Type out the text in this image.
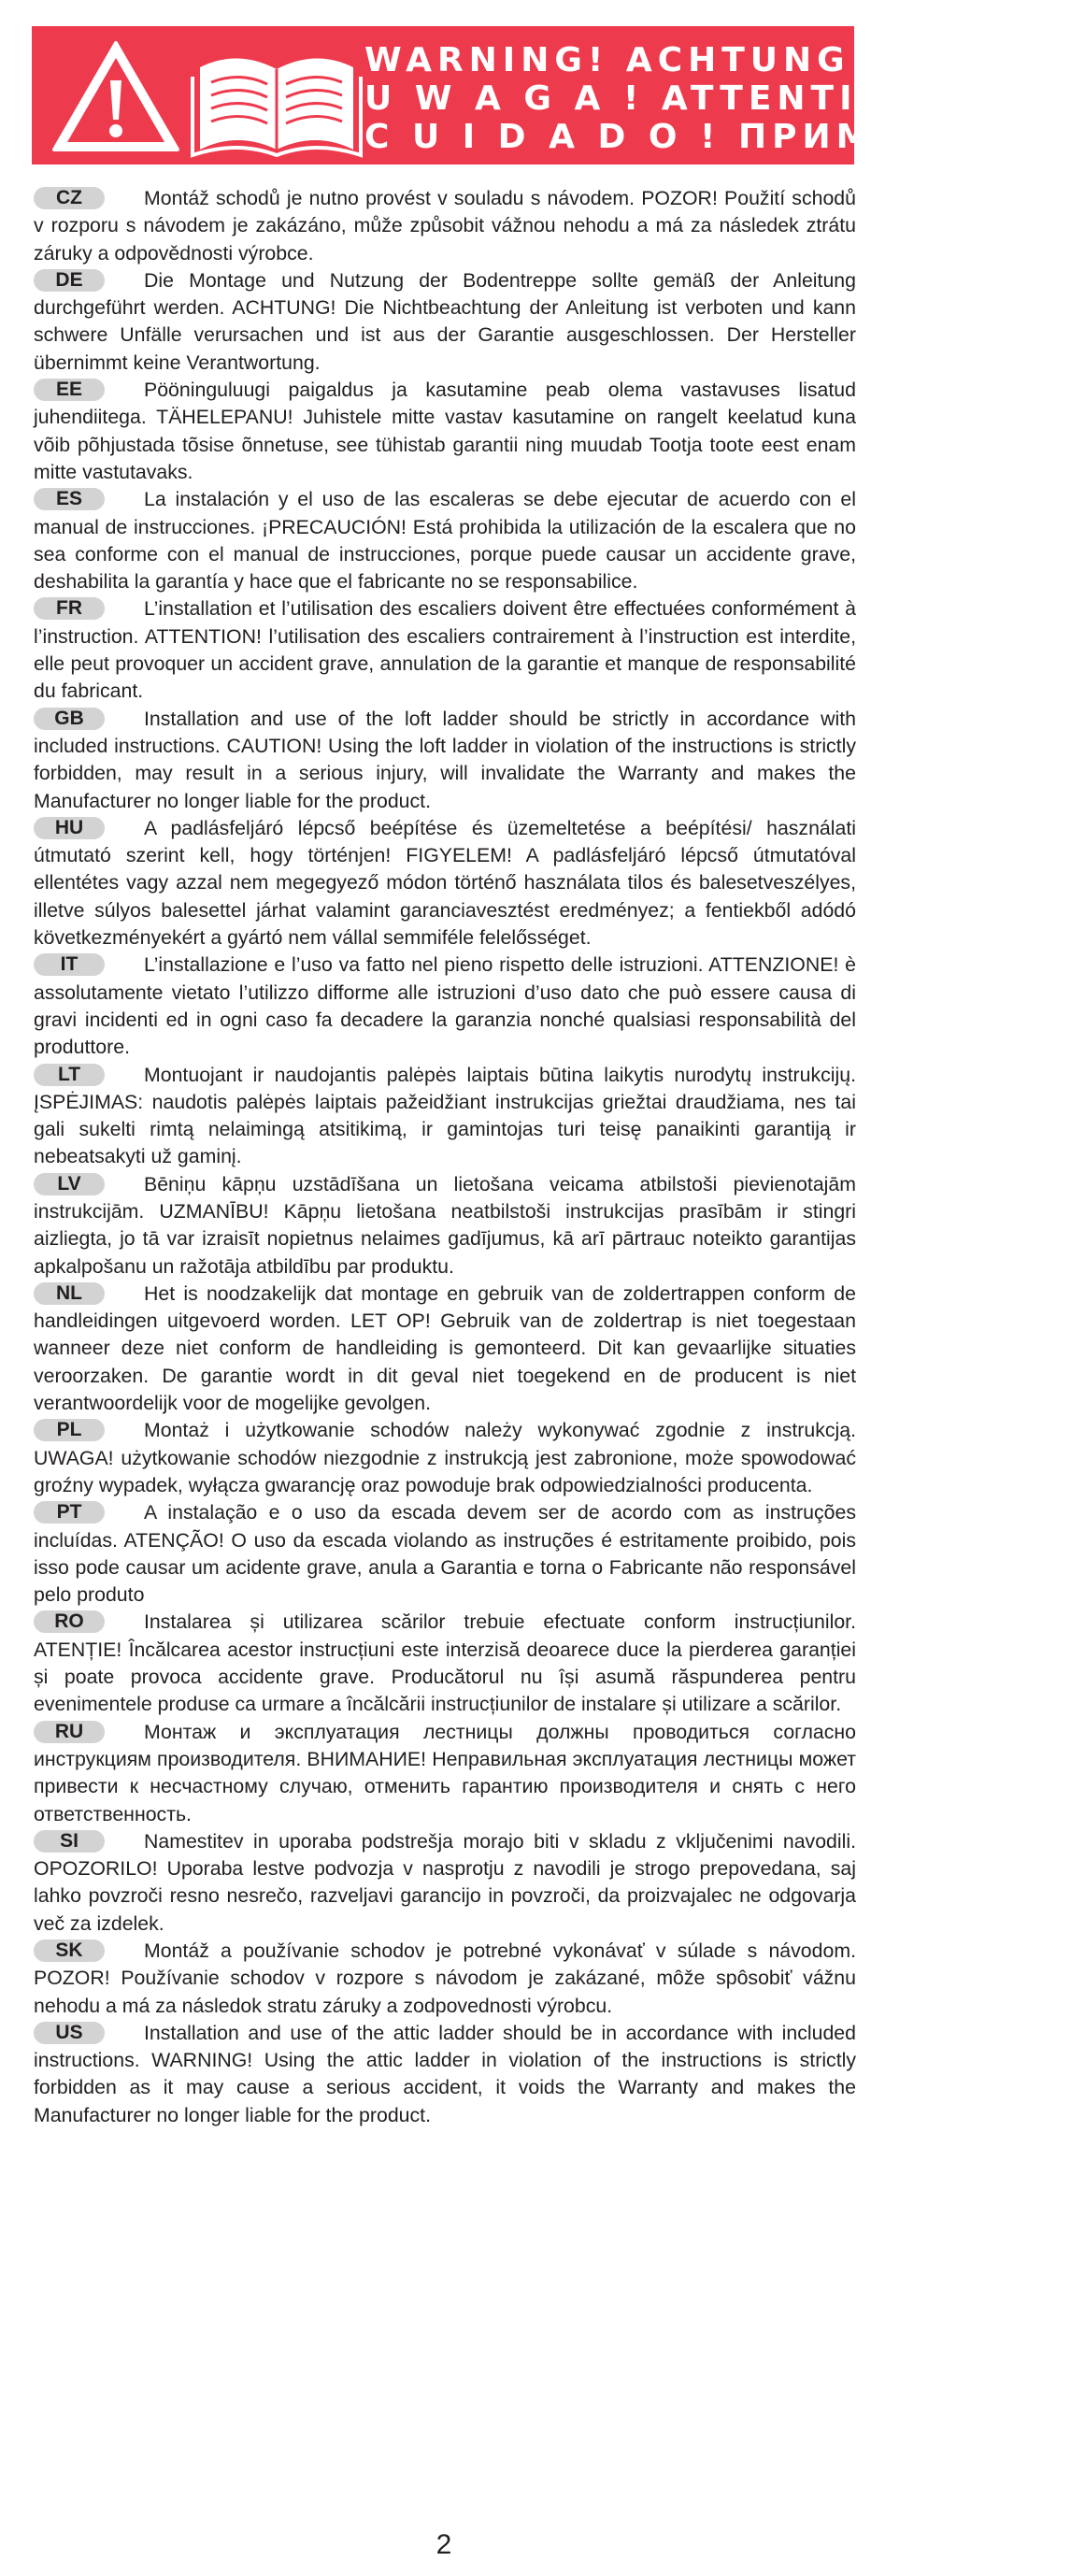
WARNING! ACHTUNG!
U W A G A ! ATTENTION!
C U I D A D O ! ПРИМЕЧАНИЕ!

CZ	Montáž schodů je nutno provést v souladu s návodem. POZOR! Použití schodů v rozporu s návodem je zakázáno, může způsobit vážnou nehodu a má za následek ztrátu záruky a odpovědnosti výrobce.

DE	Die Montage und Nutzung der Bodentreppe sollte gemäß der Anleitung durchgeführt werden. ACHTUNG! Die Nichtbeachtung der Anleitung ist verboten und kann schwere Unfälle verursachen und ist aus der Garantie ausgeschlossen. Der Hersteller übernimmt keine Verantwortung.

EE	Pööninguluugi paigaldus ja kasutamine peab olema vastavuses lisatud juhendiitega. TÄHELEPANU! Juhistele mitte vastav kasutamine on rangelt keelatud kuna võib põhjustada tõsise õnnetuse, see tühistab garantii ning muudab Tootja toote eest enam mitte vastutavaks.

ES	La instalación y el uso de las escaleras se debe ejecutar de acuerdo con el manual de instrucciones. ¡PRECAUCIÓN! Está prohibida la utilización de la escalera que no sea conforme con el manual de instrucciones, porque puede causar un accidente grave, deshabilita la garantía y hace que el fabricante no se responsabilice.

FR	L’installation et l’utilisation des escaliers doivent être effectuées conformément à l’instruction. ATTENTION! l’utilisation des escaliers contrairement à l’instruction est interdite, elle peut provoquer un accident grave, annulation de la garantie et manque de responsabilité du fabricant.

GB	Installation and use of the loft ladder should be strictly in accordance with included instructions. CAUTION! Using the loft ladder in violation of the instructions is strictly forbidden, may result in a serious injury, will invalidate the Warranty and makes the Manufacturer no longer liable for the product.

HU	A padlásfeljáró lépcső beépítése és üzemeltetése a beépítési/ használati útmutató szerint kell, hogy történjen! FIGYELEM! A padlásfeljáró lépcső útmutatóval ellentétes vagy azzal nem megegyező módon történő használata tilos és balesetveszélyes, illetve súlyos balesettel járhat valamint garanciavesztést eredményez; a fentiekből adódó következményekért a gyártó nem vállal semmiféle felelősséget.

IT	L’installazione e l’uso va fatto nel pieno rispetto delle istruzioni. ATTENZIONE! è assolutamente vietato l’utilizzo difforme alle istruzioni d’uso dato che può essere causa di gravi incidenti ed in ogni caso fa decadere la garanzia nonché qualsiasi responsabilità del produttore.

LT	Montuojant ir naudojantis palėpės laiptais būtina laikytis nurodytų instrukcijų. ĮSPĖJIMAS: naudotis palėpės laiptais pažeidžiant instrukcijas griežtai draudžiama, nes tai gali sukelti rimtą nelaimingą atsitikimą, ir gamintojas turi teisę panaikinti garantiją ir nebeatsakyti už gaminį.

LV	Bēniņu kāpņu uzstādīšana un lietošana veicama atbilstoši pievienotajām instrukcijām. UZMANĪBU! Kāpņu lietošana neatbilstoši instrukcijas prasībām ir stingri aizliegta, jo tā var izraisīt nopietnus nelaimes gadījumus, kā arī pārtrauc noteikto garantijas apkalpošanu un ražotāja atbildību par produktu.

NL	Het is noodzakelijk dat montage en gebruik van de zoldertrappen conform de handleidingen uitgevoerd worden. LET OP! Gebruik van de zoldertrap is niet toegestaan wanneer deze niet conform de handleiding is gemonteerd. Dit kan gevaarlijke situaties veroorzaken. De garantie wordt in dit geval niet toegekend en de producent is niet verantwoordelijk voor de mogelijke gevolgen.

PL	Montaż i użytkowanie schodów należy wykonywać zgodnie z instrukcją. UWAGA! użytkowanie schodów niezgodnie z instrukcją jest zabronione, może spowodować groźny wypadek, wyłącza gwarancję oraz powoduje brak odpowiedzialności producenta.

PT	A instalação e o uso da escada devem ser de acordo com as instruções incluídas. ATENÇÃO! O uso da escada violando as instruções é estritamente proibido, pois isso pode causar um acidente grave, anula a Garantia e torna o Fabricante não responsável pelo produto

RO	Instalarea și utilizarea scărilor trebuie efectuate conform instrucțiunilor. ATENȚIE! Încălcarea acestor instrucțiuni este interzisă deoarece duce la pierderea garanției și poate provoca accidente grave. Producătorul nu își asumă răspunderea pentru evenimentele produse ca urmare a încălcării instrucțiunilor de instalare și utilizare a scărilor.

RU	Монтаж и эксплуатация лестницы должны проводиться согласно инструкциям производителя. ВНИМАНИЕ! Неправильная эксплуатация лестницы может привести к несчастному случаю, отменить гарантию производителя и снять с него ответственность.

SI	Namestitev in uporaba podstrešja morajo biti v skladu z vključenimi navodili. OPOZORILO! Uporaba lestve podvozja v nasprotju z navodili je strogo prepovedana, saj lahko povzroči resno nesrečo, razveljavi garancijo in povzroči, da proizvajalec ne odgovarja več za izdelek.

SK	Montáž a používanie schodov je potrebné vykonávať v súlade s návodom. POZOR! Používanie schodov v rozpore s návodom je zakázané, môže spôsobiť vážnu nehodu a má za následok stratu záruky a zodpovednosti výrobcu.

US	Installation and use of the attic ladder should be in accordance with included instructions. WARNING! Using the attic ladder in violation of the instructions is strictly forbidden as it may cause a serious accident, it voids the Warranty and makes the Manufacturer no longer liable for the product.

2
